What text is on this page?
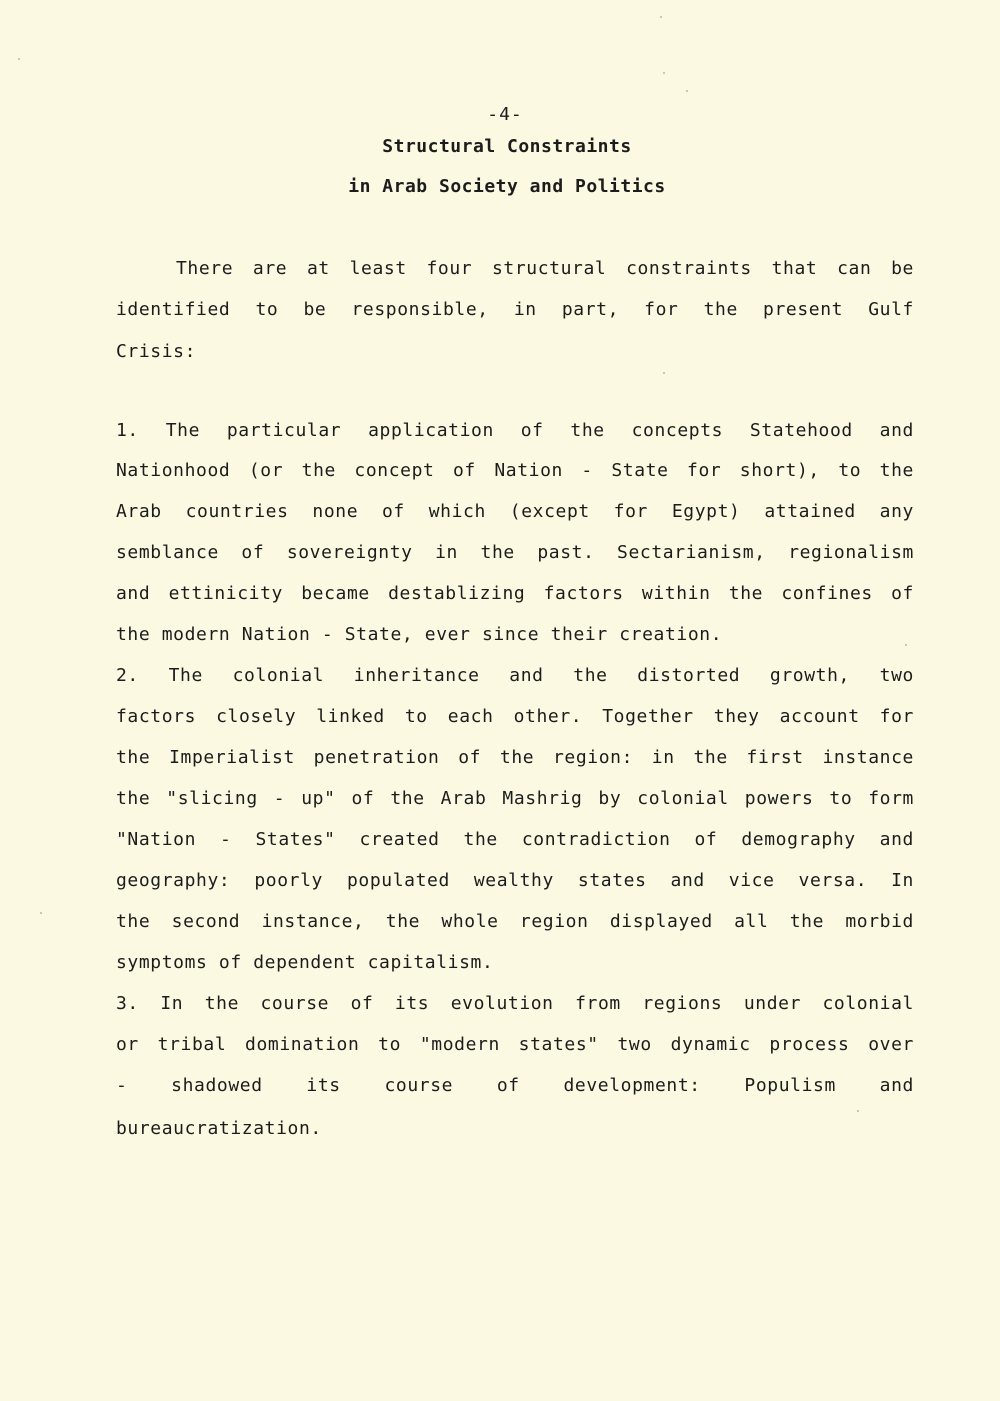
-4-
Structural Constraints
in Arab Society and Politics
There are at least four structural constraints that can be
identified to be responsible, in part, for the present Gulf
Crisis:
1. The particular application of the concepts Statehood and
Nationhood (or the concept of Nation - State for short), to the
Arab countries none of which (except for Egypt) attained any
semblance of sovereignty in the past. Sectarianism, regionalism
and ettinicity became destablizing factors within the confines of
the modern Nation - State, ever since their creation.
2. The colonial inheritance and the distorted growth, two
factors closely linked to each other. Together they account for
the Imperialist penetration of the region: in the first instance
the "slicing - up" of the Arab Mashrig by colonial powers to form
"Nation - States" created the contradiction of demography and
geography: poorly populated wealthy states and vice versa. In
the second instance, the whole region displayed all the morbid
symptoms of dependent capitalism.
3. In the course of its evolution from regions under colonial
or tribal domination to "modern states" two dynamic process over
- shadowed its course of development: Populism and
bureaucratization.
